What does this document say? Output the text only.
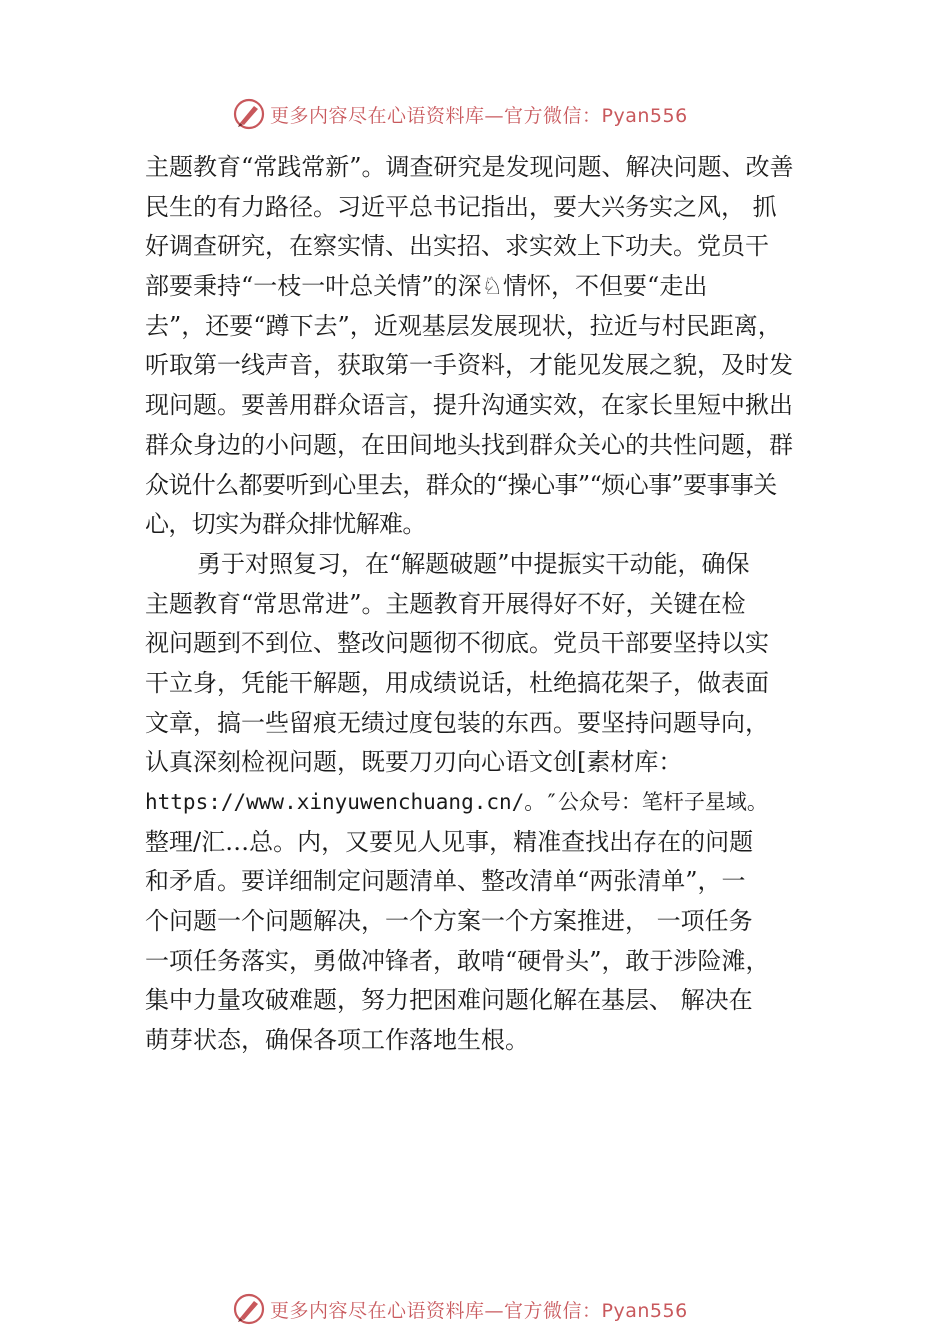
更多内容尽在心语资料库—官方微信：Pyan556
主题教育“常践常新”。调查研究是发现问题、解决问题、改善
民生的有力路径。习近平总书记指出，要大兴务实之风， 抓
好调查研究，在察实情、出实招、求实效上下功夫。党员干
部要秉持“一枝一叶总关情”的深♘情怀，不但要“走出
去”，还要“蹲下去”，近观基层发展现状，拉近与村民距离，
听取第一线声音，获取第一手资料，才能见发展之貌，及时发
现问题。要善用群众语言，提升沟通实效，在家长里短中揪出
群众身边的小问题，在田间地头找到群众关心的共性问题，群
众说什么都要听到心里去，群众的“操心事”“烦心事”要事事关
心，切实为群众排忧解难。
勇于对照复习，在“解题破题”中提振实干动能，确保
主题教育“常思常进”。主题教育开展得好不好，关键在检
视问题到不到位、整改问题彻不彻底。党员干部要坚持以实
干立身，凭能干解题，用成绩说话，杜绝搞花架子，做表面
文章，搞一些留痕无绩过度包装的东西。要坚持问题导向，
认真深刻检视问题，既要刀刃向心语文创[素材库：
https://www.xinyuwenchuang.cn/。″公众号：笔杆子星域。
整理/汇…总。内，又要见人见事，精准查找出存在的问题
和矛盾。要详细制定问题清单、整改清单“两张清单”，一
个问题一个问题解决，一个方案一个方案推进， 一项任务
一项任务落实，勇做冲锋者，敢啃“硬骨头”，敢于涉险滩，
集中力量攻破难题，努力把困难问题化解在基层、 解决在
萌芽状态，确保各项工作落地生根。
更多内容尽在心语资料库—官方微信：Pyan556
